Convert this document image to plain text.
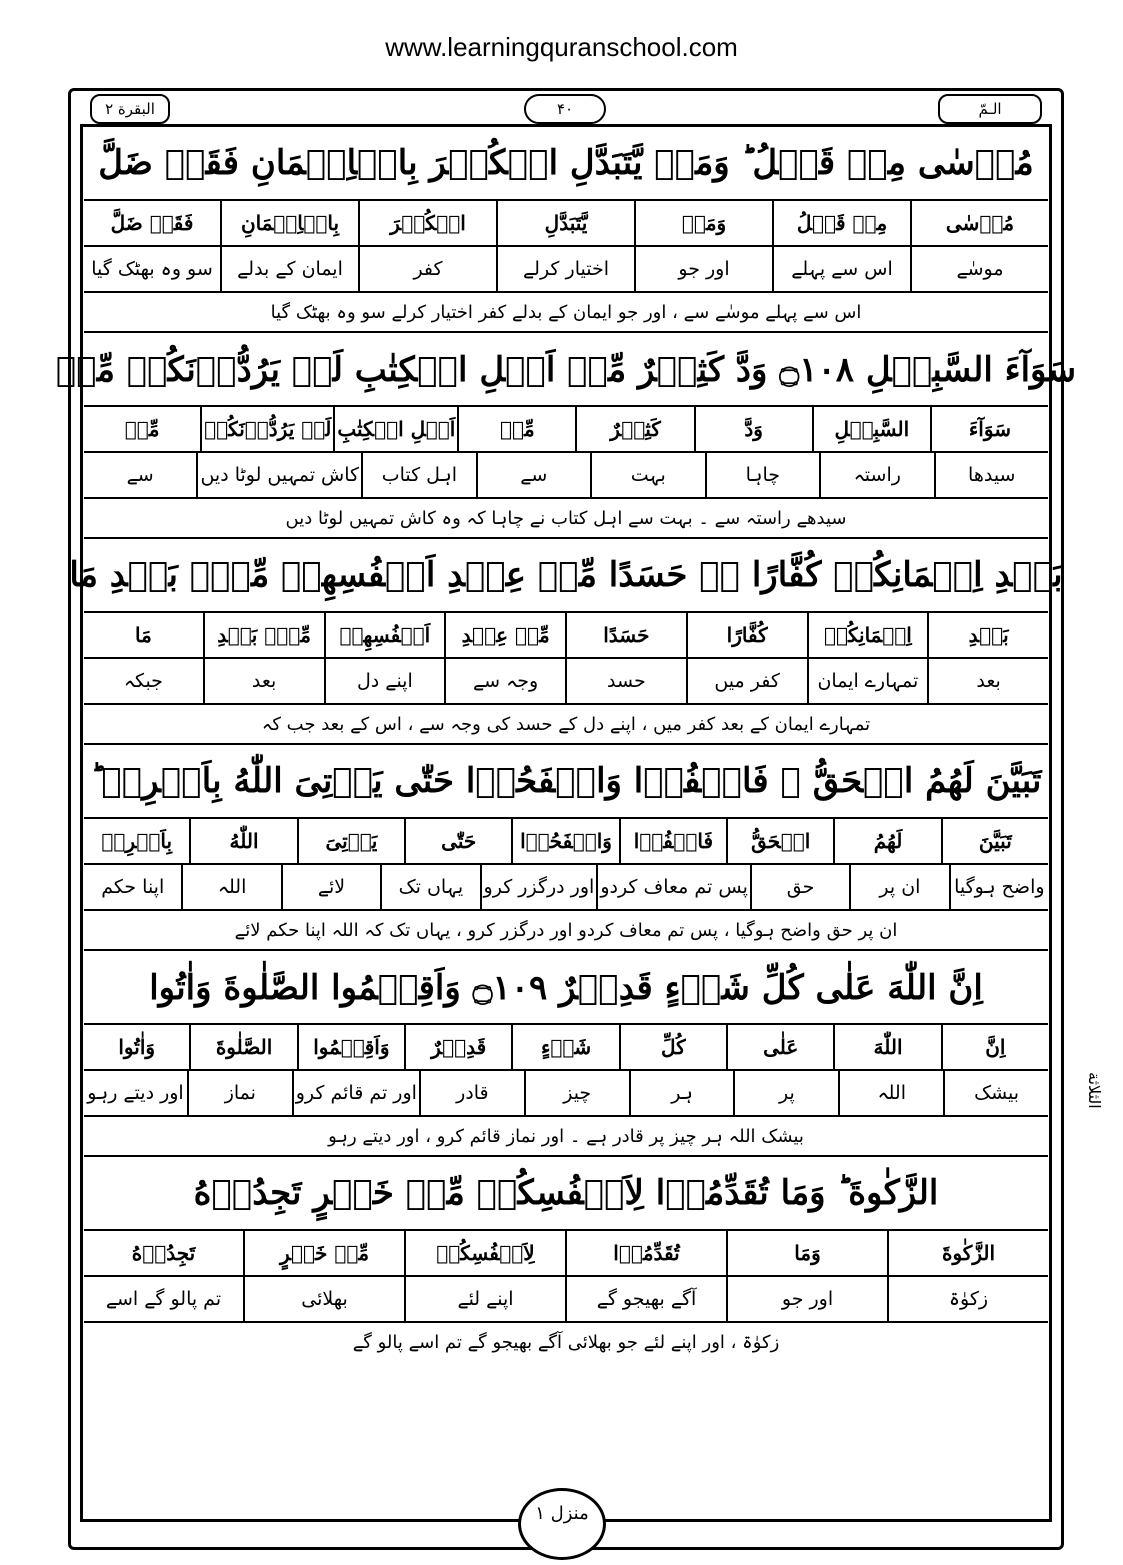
www.learningquranschool.com
البقرة ٢	۴۰	الـمّ
الثلاثة
مُوۡسٰى مِنۡ قَبۡلُ ؕ وَمَنۡ يَّتَبَدَّلِ الۡکُفۡرَ بِالۡاِيۡمَانِ فَقَدۡ ضَلَّ
مُوۡسٰى
مِنۡ قَبۡلُ
وَمَنۡ
يَّتَبَدَّلِ
الۡکُفۡرَ
بِالۡاِيۡمَانِ
فَقَدۡ ضَلَّ
موسٰے
اس سے پہلے
اور جو
اختیار کرلے
کفر
ایمان کے بدلے
سو وہ بھٹک گیا
اس سے پہلے موسٰے سے ، اور جو ایمان کے بدلے کفر اختیار کرلے سو وہ بھٹک گیا
سَوَآءَ السَّبِيۡلِ ۝١٠٨ وَدَّ کَثِيۡرٌ مِّنۡ اَهۡلِ الۡکِتٰبِ لَوۡ يَرُدُّوۡنَكُمۡ مِّنۡ
سَوَآءَ
السَّبِيۡلِ
وَدَّ
کَثِيۡرٌ
مِّنۡ
اَهۡلِ الۡکِتٰبِ
لَوۡ يَرُدُّوۡنَكُمۡ
مِّنۡ
سیدھا
راستہ
چاہا
بہت
سے
اہل کتاب
کاش تمہیں لوٹا دیں
سے
سیدھے راستہ سے ۔ بہت سے اہل کتاب نے چاہا کہ وہ کاش تمہیں لوٹا دیں
بَعۡدِ اِيۡمَانِكُمۡ كُفَّارًا ۖۚ حَسَدًا مِّنۡ عِنۡدِ اَنۡفُسِهِمۡ مِّنۡۢ بَعۡدِ مَا
بَعۡدِ
اِيۡمَانِكُمۡ
كُفَّارًا
حَسَدًا
مِّنۡ عِنۡدِ
اَنۡفُسِهِمۡ
مِّنۡۢ بَعۡدِ
مَا
بعد
تمہارے ایمان
کفر میں
حسد
وجہ سے
اپنے دل
بعد
جبکہ
تمہارے ایمان کے بعد کفر میں ، اپنے دل کے حسد کی وجہ سے ، اس کے بعد جب کہ
تَبَيَّنَ لَهُمُ الۡحَقُّ ۚ فَاعۡفُوۡا وَاصۡفَحُوۡا حَتّٰى يَاۡتِىَ اللّٰهُ بِاَمۡرِهٖ ؕ
تَبَيَّنَ
لَهُمُ
الۡحَقُّ
فَاعۡفُوۡا
وَاصۡفَحُوۡا
حَتّٰى
يَاۡتِىَ
اللّٰهُ
بِاَمۡرِهٖ
واضح ہوگیا
ان پر
حق
پس تم معاف کردو
اور درگزر کرو
یہاں تک
لائے
اللہ
اپنا حکم
ان پر حق واضح ہوگیا ، پس تم معاف کردو اور درگزر کرو ، یہاں تک کہ اللہ اپنا حکم لائے
اِنَّ اللّٰهَ عَلٰى كُلِّ شَىۡءٍ قَدِيۡرٌ ۝١٠٩ وَاَقِيۡمُوا الصَّلٰوةَ وَاٰتُوا
اِنَّ
اللّٰهَ
عَلٰى
كُلِّ
شَىۡءٍ
قَدِيۡرٌ
وَاَقِيۡمُوا
الصَّلٰوةَ
وَاٰتُوا
بیشک
اللہ
پر
ہر
چیز
قادر
اور تم قائم کرو
نماز
اور دیتے رہو
بیشک اللہ ہر چیز پر قادر ہے ۔ اور نماز قائم کرو ، اور دیتے رہو
الزَّكٰوةَ ؕ وَمَا تُقَدِّمُوۡا لِاَنۡفُسِكُمۡ مِّنۡ خَيۡرٍ تَجِدُوۡهُ
الزَّكٰوةَ
وَمَا
تُقَدِّمُوۡا
لِاَنۡفُسِكُمۡ
مِّنۡ خَيۡرٍ
تَجِدُوۡهُ
زکوٰۃ
اور جو
آگے بھیجو گے
اپنے لئے
بھلائی
تم پالو گے اسے
زکوٰۃ ، اور اپنے لئے جو بھلائی آگے بھیجو گے تم اسے پالو گے
منزل ۱
